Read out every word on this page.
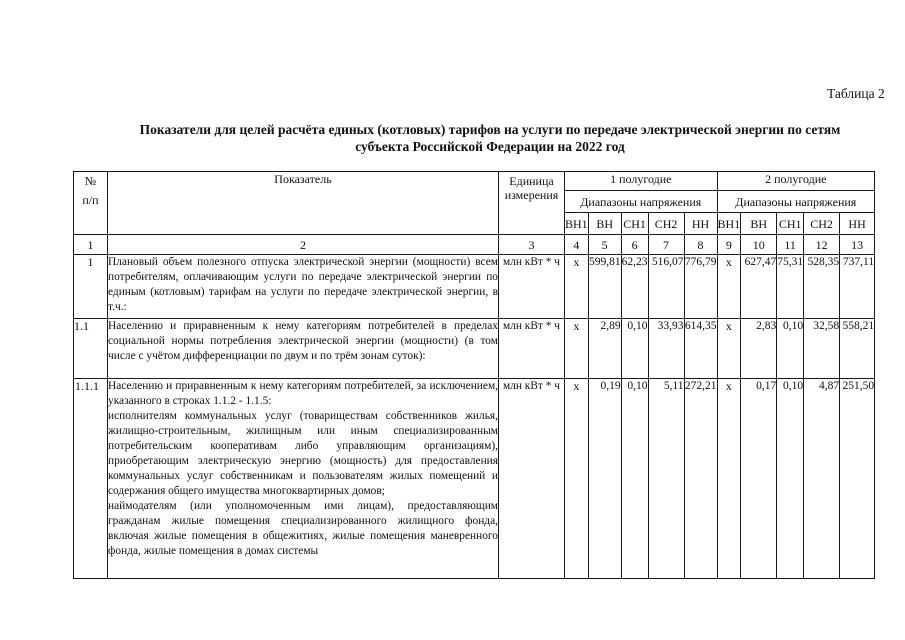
Таблица 2
Показатели для целей расчёта единых (котловых) тарифов на услуги по передаче электрической энергии по сетям
субъекта Российской Федерации на 2022 год
№
п/п	Показатель	Единица измерения	1 полугодие					2 полугодие				
			Диапазоны напряжения					Диапазоны напряжения				
			ВН1	ВН	СН1	СН2	НН	ВН1	ВН	СН1	СН2	НН
1	2	3	4	5	6	7	8	9	10	11	12	13
1	Плановый объем полезного отпуска электрической энергии (мощности) всем потребителям, оплачивающим услуги по передаче электрической энергии по единым (котловым) тарифам на услуги по передаче электрической энергии, в т.ч.:	млн кВт * ч	x	599,81	62,23	516,07	776,79	x	627,47	75,31	528,35	737,11
1.1	Населению и приравненным к нему категориям потребителей в пределах социальной нормы потребления электрической энергии (мощности) (в том числе с учётом дифференциации по двум и по трём зонам суток):	млн кВт * ч	x	2,89	0,10	33,93	614,35	x	2,83	0,10	32,58	558,21
1.1.1	Населению и приравненным к нему категориям потребителей, за исключением, указанного в строках 1.1.2 - 1.1.5:
исполнителям коммунальных услуг (товариществам собственников жилья, жилищно-строительным, жилищным или иным специализированным потребительским кооперативам либо управляющим организациям), приобретающим электрическую энергию (мощность) для предоставления коммунальных услуг собственникам и пользователям жилых помещений и содержания общего имущества многоквартирных домов;
наймодателям (или уполномоченным ими лицам), предоставляющим гражданам жилые помещения специализированного жилищного фонда, включая жилые помещения в общежитиях, жилые помещения маневренного фонда, жилые помещения в домах системы	млн кВт * ч	x	0,19	0,10	5,11	272,21	x	0,17	0,10	4,87	251,50
